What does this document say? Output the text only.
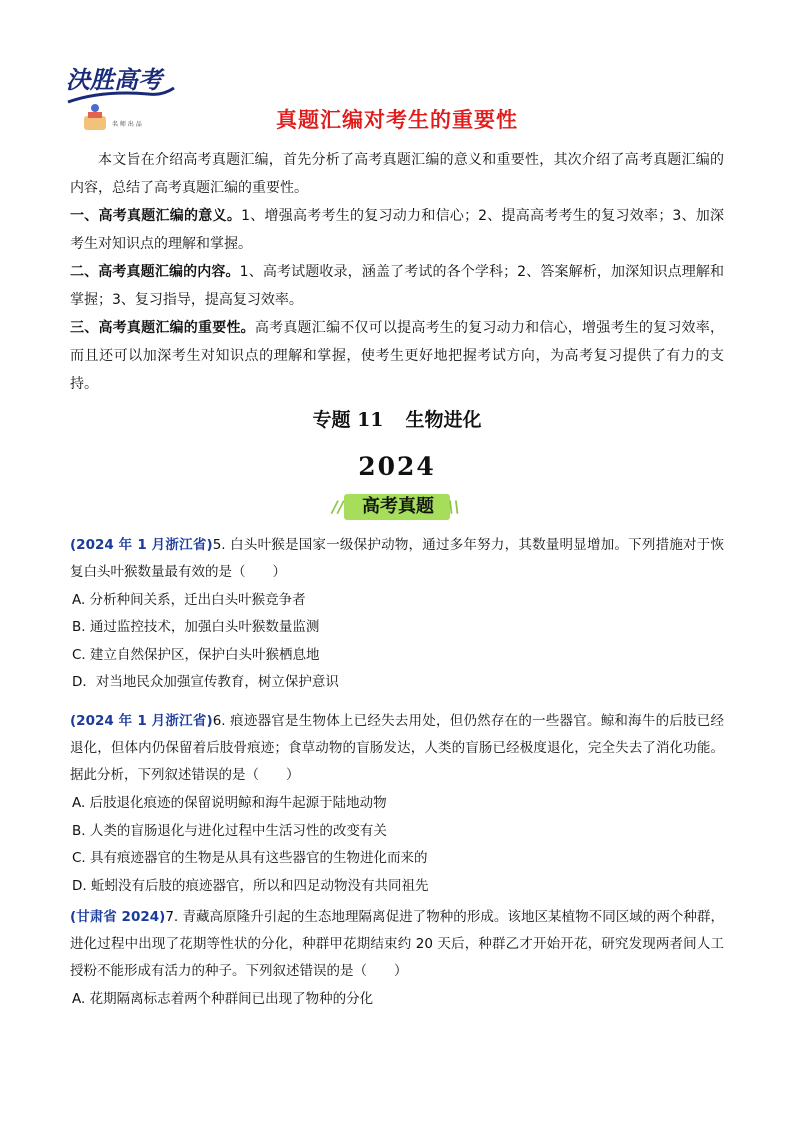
決胜高考
名 师 出 品	真题汇编对考生的重要性
本文旨在介绍高考真题汇编，首先分析了高考真题汇编的意义和重要性，其次介绍了高考真题汇编的内容，总结了高考真题汇编的重要性。
一、高考真题汇编的意义。1、增强高考考生的复习动力和信心；2、提高高考考生的复习效率；3、加深考生对知识点的理解和掌握。
二、高考真题汇编的内容。1、高考试题收录，涵盖了考试的各个学科；2、答案解析，加深知识点理解和掌握；3、复习指导，提高复习效率。
三、高考真题汇编的重要性。高考真题汇编不仅可以提高考生的复习动力和信心，增强考生的复习效率，而且还可以加深考生对知识点的理解和掌握，使考生更好地把握考试方向，为高考复习提供了有力的支持。
专题 11 生物进化
2024
//	\\
高考真题
(2024 年 1 月浙江省)5. 白头叶猴是国家一级保护动物，通过多年努力，其数量明显增加。下列措施对于恢复白头叶猴数量最有效的是（　　）
A. 分析种间关系，迁出白头叶猴竞争者
B. 通过监控技术，加强白头叶猴数量监测
C. 建立自然保护区，保护白头叶猴栖息地
D．对当地民众加强宣传教育，树立保护意识
(2024 年 1 月浙江省)6. 痕迹器官是生物体上已经失去用处，但仍然存在的一些器官。鲸和海牛的后肢已经退化，但体内仍保留着后肢骨痕迹；食草动物的盲肠发达，人类的盲肠已经极度退化，完全失去了消化功能。据此分析，下列叙述错误的是（　　）
A. 后肢退化痕迹的保留说明鲸和海牛起源于陆地动物
B. 人类的盲肠退化与进化过程中生活习性的改变有关
C. 具有痕迹器官的生物是从具有这些器官的生物进化而来的
D. 蚯蚓没有后肢的痕迹器官，所以和四足动物没有共同祖先
(甘肃省 2024)7. 青藏高原隆升引起的生态地理隔离促进了物种的形成。该地区某植物不同区域的两个种群，进化过程中出现了花期等性状的分化，种群甲花期结束约 20 天后，种群乙才开始开花，研究发现两者间人工授粉不能形成有活力的种子。下列叙述错误的是（　　）
A. 花期隔离标志着两个种群间已出现了物种的分化
